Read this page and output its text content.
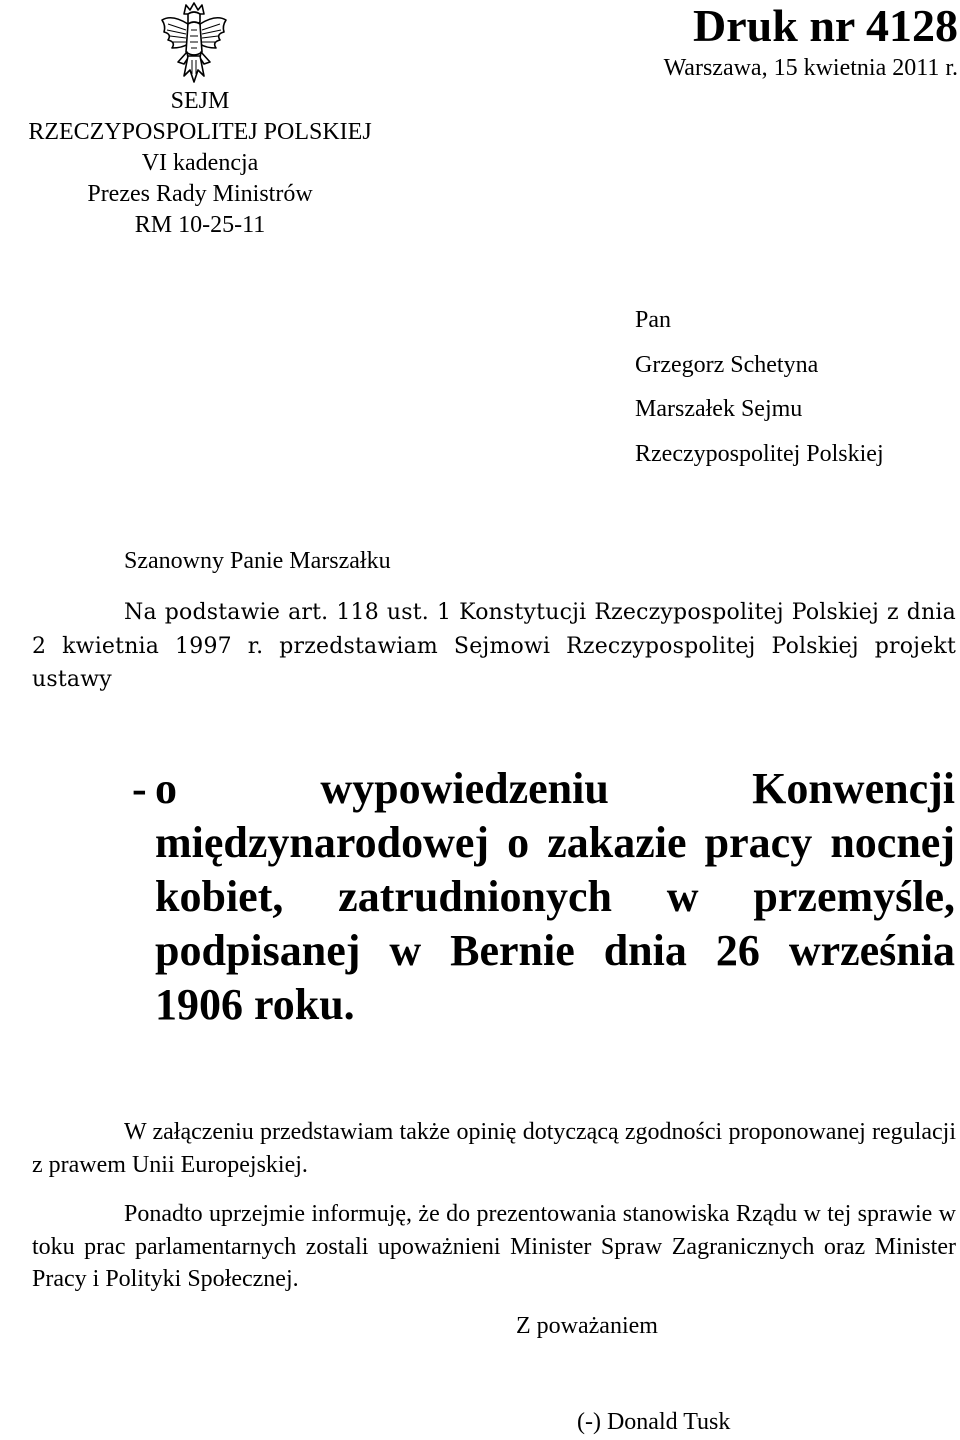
SEJM
RZECZYPOSPOLITEJ POLSKIEJ
VI kadencja
Prezes Rady Ministrów
RM 10-25-11
Druk nr 4128
Warszawa, 15 kwietnia 2011 r.
Pan
Grzegorz Schetyna
Marszałek Sejmu
Rzeczypospolitej Polskiej
Szanowny Panie Marszałku

Na podstawie art. 118 ust. 1 Konstytucji Rzeczypospolitej Polskiej z dnia 2 kwietnia 1997 r. przedstawiam Sejmowi Rzeczypospolitej Polskiej projekt ustawy

- o wypowiedzeniu Konwencji międzynarodowej o zakazie pracy nocnej kobiet, zatrudnionych w przemyśle, podpisanej w Bernie dnia 26 września 1906 roku.

W załączeniu przedstawiam także opinię dotyczącą zgodności proponowanej regulacji z prawem Unii Europejskiej.

Ponadto uprzejmie informuję, że do prezentowania stanowiska Rządu w tej sprawie w toku prac parlamentarnych zostali upoważnieni Minister Spraw Zagranicznych oraz Minister Pracy i Polityki Społecznej.

Z poważaniem
(-) Donald Tusk
